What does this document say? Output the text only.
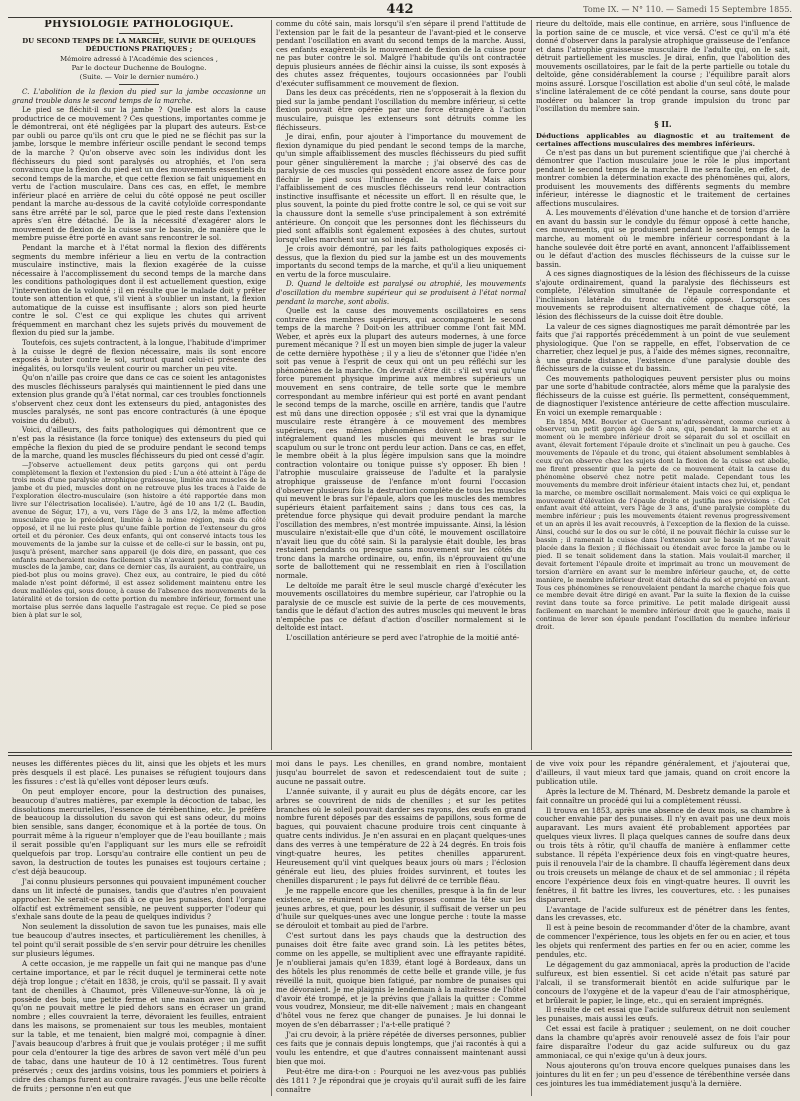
442	Tome IX. — N° 110. — Samedi 15 Septembre 1855.
PHYSIOLOGIE PATHOLOGIQUE.
DU SECOND TEMPS DE LA MARCHE, SUIVIE DE QUELQUES DÉDUCTIONS PRATIQUES ;

Mémoire adressé à l'Académie des sciences ,

Par le docteur Duchenne de Boulogne.

(Suite. — Voir le dernier numéro.)

C. L'abolition de la flexion du pied sur la jambe occasionne un grand trouble dans le second temps de la marche.

Le pied se fléchit-il sur la jambe ? Quelle est alors la cause productrice de ce mouvement ? Ces questions, importantes comme je le démontrerai, ont été négligées par la plupart des auteurs. Est-ce par oubli ou parce qu'ils ont cru que le pied ne se fléchit pas sur la jambe, lorsque le membre inférieur oscille pendant le second temps de la marche ? Qu'on observe avec soin les individus dont les fléchisseurs du pied sont paralysés ou atrophiés, et l'on sera convaincu que la flexion du pied est un des mouvements essentiels du second temps de la marche, et que cette flexion se fait uniquement en vertu de l'action musculaire. Dans ces cas, en effet, le membre inférieur placé en arrière de celui du côté opposé ne peut osciller pendant la marche au-dessous de la cavité cotyloïde correspondante sans être arrêté par le sol, parce que le pied reste dans l'extension après s'en être détaché. De là la nécessité d'exagérer alors le mouvement de flexion de la cuisse sur le bassin, de manière que le membre puisse être porté en avant sans rencontrer le sol.

Pendant la marche et à l'état normal la flexion des différents segments du membre inférieur a lieu en vertu de la contraction musculaire instinctive, mais la flexion exagérée de la cuisse nécessaire à l'accomplissement du second temps de la marche dans les conditions pathologiques dont il est actuellement question, exige l'intervention de la volonté ; il en résulte que le malade doit y prêter toute son attention et que, s'il vient à s'oublier un instant, la flexion automatique de la cuisse est insuffisante ; alors son pied heurte contre le sol. C'est ce qui explique les chutes qui arrivent fréquemment en marchant chez les sujets privés du mouvement de flexion du pied sur la jambe.

Toutefois, ces sujets contractent, à la longue, l'habitude d'imprimer à la cuisse le degré de flexion nécessaire, mais ils sont encore exposés à buter contre le sol, surtout quand celui-ci présente des inégalités, ou lorsqu'ils veulent courir ou marcher un peu vite.

Qu'on n'aille pas croire que dans ce cas ce soient les antagonistes des muscles fléchisseurs paralysés qui maintiennent le pied dans une extension plus grande qu'à l'état normal, car ces troubles fonctionnels s'observent chez ceux dont les extenseurs du pied, antagonistes des muscles paralysés, ne sont pas encore contracturés (à une époque voisine du début).

Voici, d'ailleurs, des faits pathologiques qui démontrent que ce n'est pas la résistance (la force tonique) des extenseurs du pied qui empêche la flexion du pied de se produire pendant le second temps de la marche, quand les muscles fléchisseurs du pied ont cessé d'agir.

—J'observe actuellement deux petits garçons qui ont perdu complètement la flexion et l'extension du pied : L'un a été atteint à l'âge de trois mois d'une paralysie atrophique graisseuse, limitée aux muscles de la jambe et du pied, muscles dont on ne retrouve plus les traces à l'aide de l'exploration électro-musculaire (son histoire a été rapportée dans mon livre sur l'électrisation localisée). L'autre, âgé de 10 ans 1/2 (L. Baudin, avenue de Ségur, 17), a vu, vers l'âge de 3 ans 1/2, la même affection musculaire que le précédent, limitée à la même région, mais du côté opposé, et il ne lui reste plus qu'une faible portion de l'extenseur du gros orteil et du péronier. Ces deux enfants, qui ont conservé intacts tous les mouvements de la jambe sur la cuisse et de celle-ci sur le bassin, ont pu, jusqu'à présent, marcher sans appareil (je dois dire, en passant, que ces enfants marcheraient moins facilement s'ils n'avaient perdu que quelques muscles de la jambe, car, dans ce dernier cas, ils auraient, au contraire, un pied-bot plus ou moins grave). Chez eux, au contraire, le pied du côté malade n'est point déformé, il est assez solidement maintenu entre les deux malléoles qui, sous douce, à cause de l'absence des mouvements de la latéralité et de torsion de cette portion du membre inférieur, forment une mortaise plus serrée dans laquelle l'astragale est reçue. Ce pied se pose bien à plat sur le sol,

comme du côté sain, mais lorsqu'il s'en sépare il prend l'attitude de l'extension par le fait de la pesanteur de l'avant-pied et le conserve pendant l'oscillation en avant du second temps de la marche. Aussi, ces enfants exagèrent-ils le mouvement de flexion de la cuisse pour ne pas buter contre le sol. Malgré l'habitude qu'ils ont contractée depuis plusieurs années de fléchir ainsi la cuisse, ils sont exposés à des chutes assez fréquentes, toujours occasionnées par l'oubli d'exécuter suffisamment ce mouvement de flexion.

Dans les deux cas précédents, rien ne s'opposerait à la flexion du pied sur la jambe pendant l'oscillation du membre inférieur, si cette flexion pouvait être opérée par une force étrangère à l'action musculaire, puisque les extenseurs sont détruits comme les fléchisseurs.

Je dirai, enfin, pour ajouter à l'importance du mouvement de flexion dynamique du pied pendant le second temps de la marche, qu'un simple affaiblissement des muscles fléchisseurs du pied suffit pour gêner singulièrement la marche ; j'ai observé des cas de paralysie de ces muscles qui possèdent encore assez de force pour fléchir le pied sous l'influence de la volonté. Mais alors l'affaiblissement de ces muscles fléchisseurs rend leur contraction instinctive insuffisante et nécessite un effort. Il en résulte que, le plus souvent, la pointe du pied frotte contre le sol, ce qui se voit sur la chaussure dont la semelle s'use principalement à son extrémité antérieure. On conçoit que les personnes dont les fléchisseurs du pied sont affaiblis sont également exposées à des chutes, surtout lorsqu'elles marchent sur un sol inégal.

Je crois avoir démontré, par les faits pathologiques exposés ci-dessus, que la flexion du pied sur la jambe est un des mouvements importants du second temps de la marche, et qu'il a lieu uniquement en vertu de la force musculaire.

D. Quand le deltoïde est paralysé ou atrophié, les mouvements d'oscillation du membre supérieur qui se produisent à l'état normal pendant la marche, sont abolis.

Quelle est la cause des mouvements oscillatoires en sens contraire des membres supérieurs, qui accompagnent le second temps de la marche ? Doit-on les attribuer comme l'ont fait MM. Weber, et après eux la plupart des auteurs modernes, à une force purement mécanique ? Il est un moyen bien simple de juger la valeur de cette dernière hypothèse ; il y a lieu de s'étonner que l'idée n'en soit pas venue à l'esprit de ceux qui ont un peu réfléchi sur les phénomènes de la marche. On devrait s'être dit : s'il est vrai qu'une force purement physique imprime aux membres supérieurs un mouvement en sens contraire, de telle sorte que le membre correspondant au membre inférieur qui est porté en avant pendant le second temps de la marche, oscille en arrière, tandis que l'autre est mû dans une direction opposée ; s'il est vrai que la dynamique musculaire reste étrangère à ce mouvement des membres supérieurs, ces mêmes phénomènes doivent se reproduire intégralement quand les muscles qui meuvent le bras sur le scapulum ou sur le tronc ont perdu leur action. Dans ce cas, en effet, le membre obéit à la plus légère impulsion sans que la moindre contraction volontaire ou tonique puisse s'y opposer. Eh bien ! l'atrophie musculaire graisseuse de l'adulte et la paralysie atrophique graisseuse de l'enfance m'ont fourni l'occasion d'observer plusieurs fois la destruction complète de tous les muscles qui meuvent le bras sur l'épaule, alors que les muscles des membres supérieurs étaient parfaitement sains ; dans tous ces cas, la prétendue force physique qui devait produire pendant la marche l'oscillation des membres, n'est montrée impuissante. Ainsi, la lésion musculaire n'existait-elle que d'un côté, le mouvement oscillatoire n'avait lieu que du côté sain. Si la paralysie était double, les bras restaient pendants ou presque sans mouvement sur les côtés du tronc dans la marche ordinaire, ou, enfin, ils n'éprouvaient qu'une sorte de ballottement qui ne ressemblait en rien à l'oscillation normale.

Le deltoïde me paraît être le seul muscle chargé d'exécuter les mouvements oscillatoires du membre supérieur, car l'atrophie ou la paralysie de ce muscle est suivie de la perte de ces mouvements, tandis que le défaut d'action des autres muscles qui meuvent le bras n'empêche pas ce défaut d'action d'osciller normalement si le deltoïde est intact.

L'oscillation antérieure se perd avec l'atrophie de la moitié anté-

rieure du deltoïde, mais elle continue, en arrière, sous l'influence de la portion saine de ce muscle, et vice versâ. C'est ce qu'il m'a été donné d'observer dans la paralysie atrophique graisseuse de l'enfance et dans l'atrophie graisseuse musculaire de l'adulte qui, on le sait, détruit partiellement les muscles. Je dirai, enfin, que l'abolition des mouvements oscillatoires, par le fait de la perte partielle ou totale du deltoïde, gêne considérablement la course ; l'équilibre paraît alors moins assuré. Lorsque l'oscillation est abolie d'un seul côté, le malade s'incline latéralement de ce côté pendant la course, sans doute pour modérer ou balancer la trop grande impulsion du tronc par l'oscillation du membre sain.

§ II.

Déductions applicables au diagnostic et au traitement de certaines affections musculaires des membres inférieurs.

Ce n'est pas dans un but purement scientifique que j'ai cherché à démontrer que l'action musculaire joue le rôle le plus important pendant le second temps de la marche. Il me sera facile, en effet, de montrer combien la détermination exacte des phénomènes qui, alors, produisent les mouvements des différents segments du membre inférieur, intéresse le diagnostic et le traitement de certaines affections musculaires.

A. Les mouvements d'élévation d'une hanche et de torsion d'arrière en avant du bassin sur le condyle du fémur opposé à cette hanche, ces mouvements, qui se produisent pendant le second temps de la marche, au moment où le membre inférieur correspondant à la hanche soulevée doit être porté en avant, annoncent l'affaiblissement ou le défaut d'action des muscles fléchisseurs de la cuisse sur le bassin.

A ces signes diagnostiques de la lésion des fléchisseurs de la cuisse s'ajoute ordinairement, quand la paralysie des fléchisseurs est complète, l'élévation simultanée de l'épaule correspondante et l'inclinaison latérale du tronc du côté opposé. Lorsque ces mouvements se reproduisent alternativement de chaque côté, la lésion des fléchisseurs de la cuisse doit être double.

La valeur de ces signes diagnostiques me paraît démontrée par les faits que j'ai rapportés précédemment à un point de vue seulement physiologique. Que l'on se rappelle, en effet, l'observation de ce charretier, chez lequel je pus, à l'aide des mêmes signes, reconnaître, à une grande distance, l'existence d'une paralysie double des fléchisseurs de la cuisse et du bassin.

Ces mouvements pathologiques peuvent persister plus ou moins par une sorte d'habitude contractée, alors même que la paralysie des fléchisseurs de la cuisse est guérie. Ils permettent, conséquemment, de diagnostiquer l'existence antérieure de cette affection musculaire. En voici un exemple remarquable :

En 1854, MM. Bouvier et Guersant m'adressèrent, comme curieux à observer, un petit garçon âgé de 5 ans, qui, pendant la marche et au moment où le membre inférieur droit se séparait du sol et oscillait en avant, élevait fortement l'épaule droite et s'inclinait un peu à gauche. Ces mouvements de l'épaule et du tronc, qui étaient absolument semblables à ceux qu'on observe chez les sujets dont la flexion de la cuisse est abolie, me firent pressentir que la perte de ce mouvement était la cause du phénomène observé chez notre petit malade. Cependant tous les mouvements du membre droit inférieur étaient intacts chez lui, et, pendant la marche, ce membre oscillait normalement. Mais voici ce qui expliqua le mouvement d'élévation de l'épaule droite et justifia mes prévisions : Cet enfant avait été atteint, vers l'âge de 3 ans, d'une paralysie complète du membre inférieur ; puis les mouvements étaient revenus progressivement et un an après il les avait recouvrés, à l'exception de la flexion de la cuisse. Ainsi, couché sur le dos ou sur le côté, il ne pouvait fléchir la cuisse sur le bassin ; il ramenait la cuisse dans l'extension sur le bassin et ne l'avait placée dans la flexion ; il fléchissait ou étendait avec force la jambe ou le pied. Il se tenait solidement dans la station. Mais voulait-il marcher, il devait fortement l'épaule droite et imprimait au tronc un mouvement de torsion d'arrière en avant sur le membre inférieur gauche, et, de cette manière, le membre inférieur droit était détaché du sol et projeté en avant. Tous ces phénomènes se renouvelaient pendant la marche chaque fois que ce membre devait être dirigé en avant. Par la suite la flexion de la cuisse revint dans toute sa force primitive. Le petit malade dirigeait aussi facilement en marchant le membre inférieur droit que le gauche, mais il continua de lever son épaule pendant l'oscillation du membre inférieur droit.

neuses les différentes pièces du lit, ainsi que les objets et les murs près desquels il est placé. Les punaises se réfugient toujours dans les fissures : c'est là qu'elles vont déposer leurs œufs.

On peut employer encore, pour la destruction des punaises, beaucoup d'autres matières, par exemple la décoction de tabac, les dissolutions mercurielles, l'essence de térébenthine, etc. Je préfère de beaucoup la dissolution du savon qui est sans odeur, du moins bien sensible, sans danger, économique et à la portée de tous. On pourrait même à la rigueur n'employer que de l'eau bouillante ; mais il serait possible qu'en l'appliquant sur les murs elle se refroidît quelquefois par trop. Lorsqu'au contraire elle contient un peu de savon, la destruction de toutes les punaises est toujours certaine ; c'est déjà beaucoup.

J'ai connu plusieurs personnes qui pouvaient impunément coucher dans un lit infecté de punaises, tandis que d'autres n'en pouvaient approcher. Ne serait-ce pas dû à ce que les punaises, dont l'organe olfactif est extrêmement sensible, ne peuvent supporter l'odeur qui s'exhale sans doute de la peau de quelques individus ?

Non seulement la dissolution de savon tue les punaises, mais elle tue beaucoup d'autres insectes, et particulièrement les chenilles, à tel point qu'il serait possible de s'en servir pour détruire les chenilles sur plusieurs légumes.

A cette occasion, je me rappelle un fait qui ne manque pas d'une certaine importance, et par le récit duquel je terminerai cette note déjà trop longue ; c'était en 1838, je crois, qu'il se passait. Il y avait tant de chenilles à Chaumot, près Villeneuve-sur-Yonne, là où je possède des bois, une petite ferme et une maison avec un jardin, qu'on ne pouvait mettre le pied dehors sans en écraser un grand nombre ; elles couvraient la terre, dévoraient les feuilles, entraient dans les maisons, se promenaient sur tous les meubles, montaient sur la table, et me tenaient, bien malgré moi, compagnie à dîner. J'avais beaucoup d'arbres à fruit que je voulais protéger ; il me suffit pour cela d'entourer la tige des arbres de savon vert mêlé d'un peu de tabac, dans une hauteur de 10 à 12 centimètres. Tous furent préservés ; ceux des jardins voisins, tous les pommiers et poiriers à cidre des champs furent au contraire ravagés. J'eus une belle récolte de fruits ; personne n'en eut que

moi dans le pays. Les chenilles, en grand nombre, montaient jusqu'au bourrelet de savon et redescendaient tout de suite ; aucune ne passait outre.

L'année suivante, il y aurait eu plus de dégâts encore, car les arbres se couvrirent de nids de chenilles ; et sur les petites branches où le soleil pouvait darder ses rayons, des œufs en grand nombre furent déposés par des essaims de papillons, sous forme de bagues, qui pouvaient chacune produire trois cent cinquante à quatre cents individus. Je n'en assurai en en plaçant quelques-unes dans des verres à une température de 22 à 24 degrés. En trois fois vingt-quatre heures, les petites chenilles apparurent. Heureusement qu'il vint quelques beaux jours où mars ; l'éclosion générale eut lieu, des pluies froides survinrent, et toutes les chenilles disparurent ; le pays fut délivré de ce terrible fléau.

Je me rappelle encore que les chenilles, presque à la fin de leur existence, se réunirent en boules grosses comme la tête sur les jeunes arbres, et que, pour les désunir, il suffisait de verser un peu d'huile sur quelques-unes avec une longue perche : toute la masse se dérouloit et tombait au pied de l'arbre.

C'est surtout dans les pays chauds que la destruction des punaises doit être faite avec grand soin. Là les petites bêtes, comme on les appelle, se multiplient avec une effrayante rapidité. Je n'oublierai jamais qu'en 1839, étant logé à Bordeaux, dans un des hôtels les plus renommés de cette belle et grande ville, je fus réveillé la nuit, quoique bien fatigué, par nombre de punaises qui me dévoraient. Je me plaignis le lendemain à la maîtresse de l'hôtel d'avoir été trompé, et je la prévins que j'allais la quitter : Comme vous voudrez, Monsieur, me dit-elle naïvement ; mais en changeant d'hôtel vous ne ferez que changer de punaises. Je lui donnai le moyen de s'en débarrasser ; l'a-t-elle pratiqué ?

J'ai cru devoir, à la prière répétée de diverses personnes, publier ces faits que je connais depuis longtemps, que j'ai racontés à qui a voulu les entendre, et que d'autres connaissent maintenant aussi bien que moi.

Peut-être me dira-t-on : Pourquoi ne les avez-vous pas publiés dès 1811 ? Je répondrai que je croyais qu'il aurait suffi de les faire connaître

de vive voix pour les répandre généralement, et j'ajouterai que, d'ailleurs, il vaut mieux tard que jamais, quand on croit encore la publication utile.

Après la lecture de M. Thénard, M. Desbretz demande la parole et fait connaître un procédé qui lui a complètement réussi.

Il trouva en 1853, après une absence de deux mois, sa chambre à coucher envahie par des punaises. Il n'y en avait pas une deux mois auparavant. Les murs avaient été probablement apportées par quelques vieux livres. Il plaça quelques cannes de soufre dans deux ou trois têts à rôtir, qu'il chauffa de manière à enflammer cette substance. Il répéta l'expérience deux fois en vingt-quatre heures, puis il renouvela l'air de la chambre. Il chauffa légèrement dans deux ou trois creusets un mélange de chaux et de sel ammoniac ; il répéta encore l'expérience deux fois en vingt-quatre heures. Il ouvrit les fenêtres, il fit battre les livres, les couvertures, etc. : les punaises disparurent.

L'avantage de l'acide sulfureux est de pénétrer dans les fentes, dans les crevasses, etc.

Il est à peine besoin de recommander d'ôter de la chambre, avant de commencer l'expérience, tous les objets en fer ou en acier, et tous les objets qui renferment des parties en fer ou en acier, comme les pendules, etc.

Le dégagement du gaz ammoniacal, après la production de l'acide sulfureux, est bien essentiel. Si cet acide n'était pas saturé par l'alcali, il se transformerait bientôt en acide sulfurique par le concours de l'oxygène et de la vapeur d'eau de l'air atmosphérique, et brûlerait le papier, le linge, etc., qui en seraient imprégnés.

Il résulte de cet essai que l'acide sulfureux détruit non seulement les punaises, mais aussi les œufs.

Cet essai est facile à pratiquer ; seulement, on ne doit coucher dans la chambre qu'après avoir renouvelé assez de fois l'air pour faire disparaître l'odeur du gaz acide sulfureux ou du gaz ammoniacal, ce qui n'exige qu'un à deux jours.

Nous ajouterons qu'on trouva encore quelques punaises dans les jointures du lit en fer ; un peu d'essence de térébenthine versée dans ces jointures les tua immédiatement jusqu'à la dernière.
